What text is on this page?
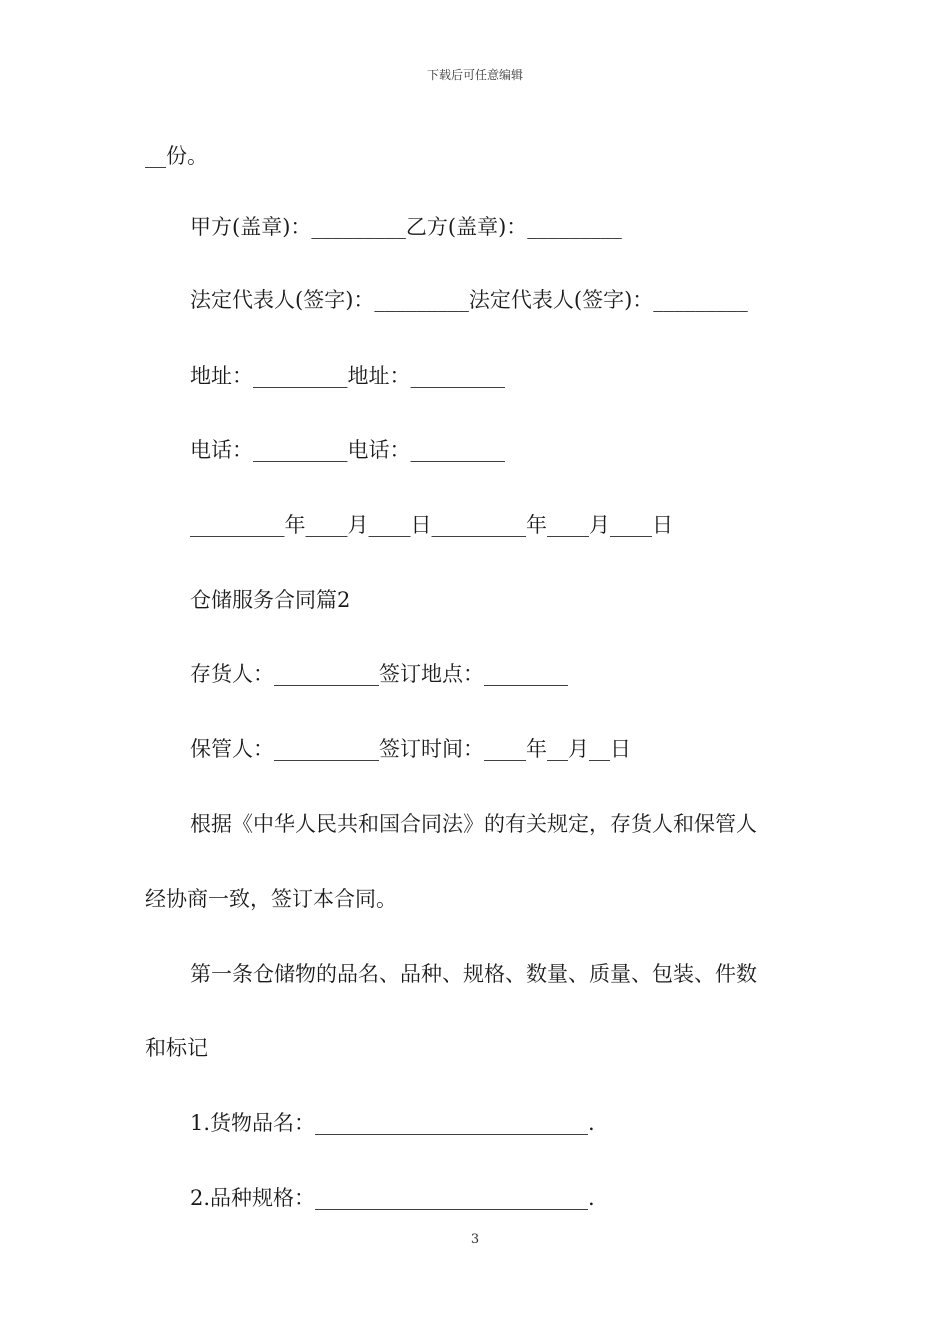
下载后可任意编辑
__份。
甲方(盖章)：_________乙方(盖章)：_________
法定代表人(签字)：_________法定代表人(签字)：_________
地址：_________地址：_________
电话：_________电话：_________
_________年____月____日_________年____月____日
仓储服务合同篇2
存货人：__________签订地点：________
保管人：__________签订时间：____年__月__日
根据《中华人民共和国合同法》的有关规定，存货人和保管人
经协商一致，签订本合同。
第一条仓储物的品名、品种、规格、数量、质量、包装、件数
和标记
1.货物品名：__________________________.
2.品种规格：__________________________.
3
